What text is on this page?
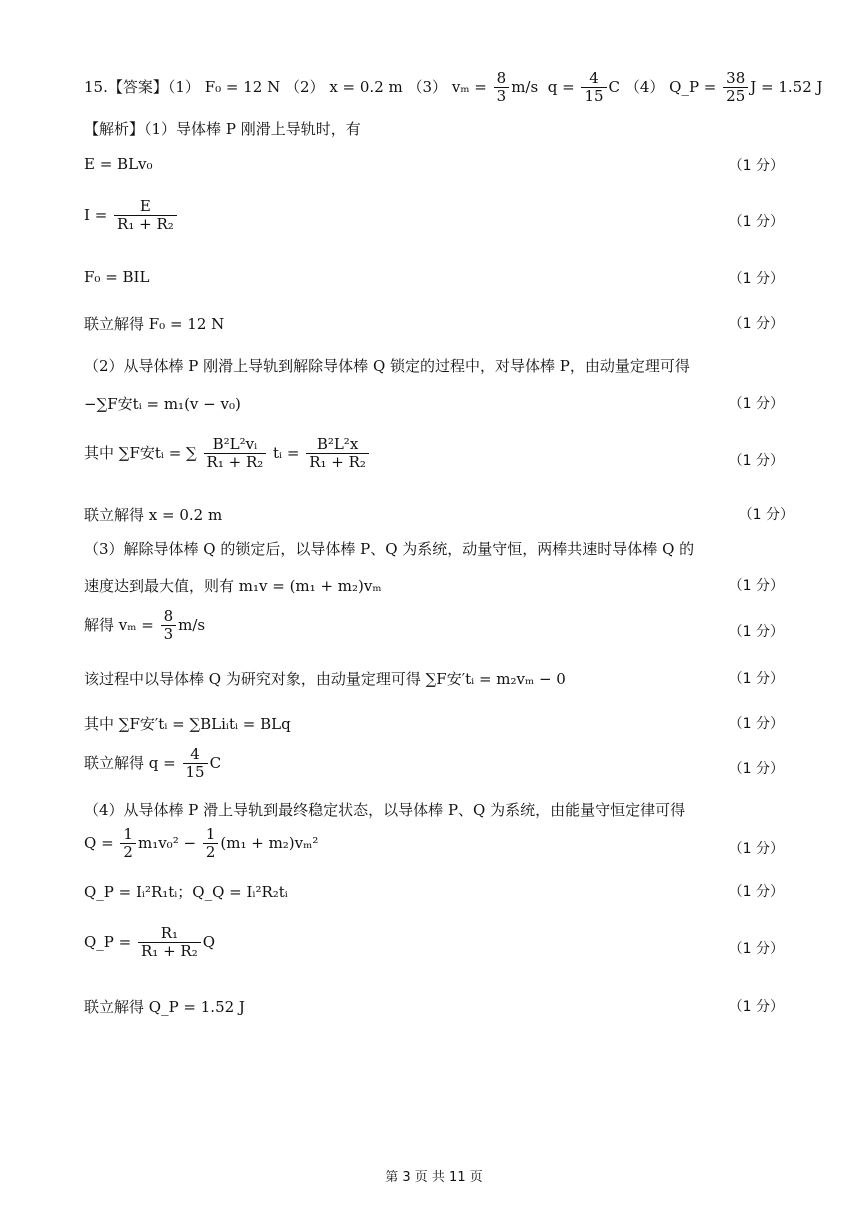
15.【答案】（1） F₀ = 12 N （2） x = 0.2 m （3） $v_m = \frac{8}{3} m/s$ $q = \frac{4}{15}$ C （4） Q_P = $\frac{38}{25}$ J = 1.52 J
【解析】（1）导体棒 P 刚滑上导轨时，有
E = BLv₀	（1 分）
$I = \frac{E}{\text{R₁ + R₂}}$	（1 分）
F₀ = BIL	（1 分）
联立解得 F₀ = 12 N	（1 分）
（2）从导体棒 P 刚滑上导轨到解除导体棒 Q 锁定的过程中，对导体棒 P，由动量定理可得
−∑F安tᵢ = m₁(v − v₀)	（1 分）
其中 ∑F安tᵢ = ∑ $\frac{\text{B²L²vᵢ}}{\text{R₁ + R₂}}$ tᵢ = $\frac{\text{B²L²x}}{\text{R₁ + R₂}}$	（1 分）
联立解得 x = 0.2 m	（1 分）
（3）解除导体棒 Q 的锁定后，以导体棒 P、Q 为系统，动量守恒，两棒共速时导体棒 Q 的
速度达到最大值，则有 m₁v = (m₁ + m₂)vₘ	（1 分）
解得 $v_m = \frac{8}{3} m/s$	（1 分）
该过程中以导体棒 Q 为研究对象，由动量定理可得 ∑F安′tᵢ = m₂vₘ − 0	（1 分）
其中 ∑F安′tᵢ = ∑BLiᵢtᵢ = BLq	（1 分）
联立解得 $q = \frac{4}{15}$ C	（1 分）
（4）从导体棒 P 滑上导轨到最终稳定状态，以导体棒 P、Q 为系统，由能量守恒定律可得
$Q = \frac{1}{2} m_1v_0^2 - \frac{1}{2} (m_1 + m_2)v_m^2$	（1 分）
Q_P = Iᵢ²R₁tᵢ；Q_Q = Iᵢ²R₂tᵢ	（1 分）
Q_P = $\frac{\text{R₁}}{\text{R₁ + R₂}}$ Q	（1 分）
联立解得 Q_P = 1.52 J	（1 分）
第 3 页 共 11 页
